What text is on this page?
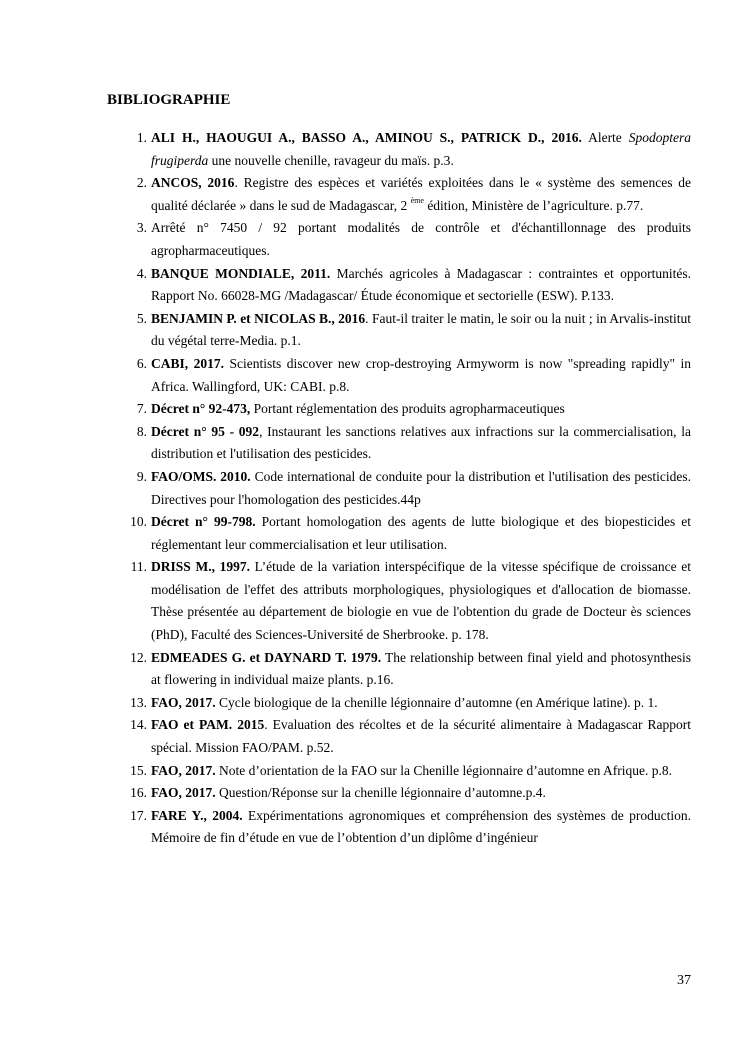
BIBLIOGRAPHIE
1. ALI H., HAOUGUI A., BASSO A., AMINOU S., PATRICK D., 2016. Alerte Spodoptera frugiperda une nouvelle chenille, ravageur du maïs. p.3.
2. ANCOS, 2016. Registre des espèces et variétés exploitées dans le « système des semences de qualité déclarée » dans le sud de Madagascar, 2 $^{ème}$ édition, Ministère de l’agriculture. p.77.
3. Arrêté n° 7450 / 92 portant modalités de contrôle et d'échantillonnage des produits agropharmaceutiques.
4. BANQUE MONDIALE, 2011. Marchés agricoles à Madagascar : contraintes et opportunités. Rapport No. 66028-MG /Madagascar/ Étude économique et sectorielle (ESW). P.133.
5. BENJAMIN P. et NICOLAS B., 2016. Faut-il traiter le matin, le soir ou la nuit ; in Arvalis-institut du végétal terre-Media. p.1.
6. CABI, 2017. Scientists discover new crop-destroying Armyworm is now "spreading rapidly" in Africa. Wallingford, UK: CABI. p.8.
7. Décret n° 92-473, Portant réglementation des produits agropharmaceutiques
8. Décret n° 95 - 092, Instaurant les sanctions relatives aux infractions sur la commercialisation, la distribution et l'utilisation des pesticides.
9. FAO/OMS. 2010. Code international de conduite pour la distribution et l'utilisation des pesticides. Directives pour l'homologation des pesticides.44p
10. Décret n° 99-798. Portant homologation des agents de lutte biologique et des biopesticides et réglementant leur commercialisation et leur utilisation.
11. DRISS M., 1997. L’étude de la variation interspécifique de la vitesse spécifique de croissance et modélisation de l'effet des attributs morphologiques, physiologiques et d'allocation de biomasse. Thèse présentée au département de biologie en vue de l'obtention du grade de Docteur ès sciences (PhD), Faculté des Sciences-Université de Sherbrooke. p. 178.
12. EDMEADES G. et DAYNARD T. 1979. The relationship between final yield and photosynthesis at flowering in individual maize plants. p.16.
13. FAO, 2017. Cycle biologique de la chenille légionnaire d’automne (en Amérique latine). p. 1.
14. FAO et PAM. 2015. Evaluation des récoltes et de la sécurité alimentaire à Madagascar Rapport spécial. Mission FAO/PAM. p.52.
15. FAO, 2017. Note d’orientation de la FAO sur la Chenille légionnaire d’automne en Afrique. p.8.
16. FAO, 2017. Question/Réponse sur la chenille légionnaire d’automne.p.4.
17. FARE Y., 2004. Expérimentations agronomiques et compréhension des systèmes de production. Mémoire de fin d’étude en vue de l’obtention d’un diplôme d’ingénieur
37
